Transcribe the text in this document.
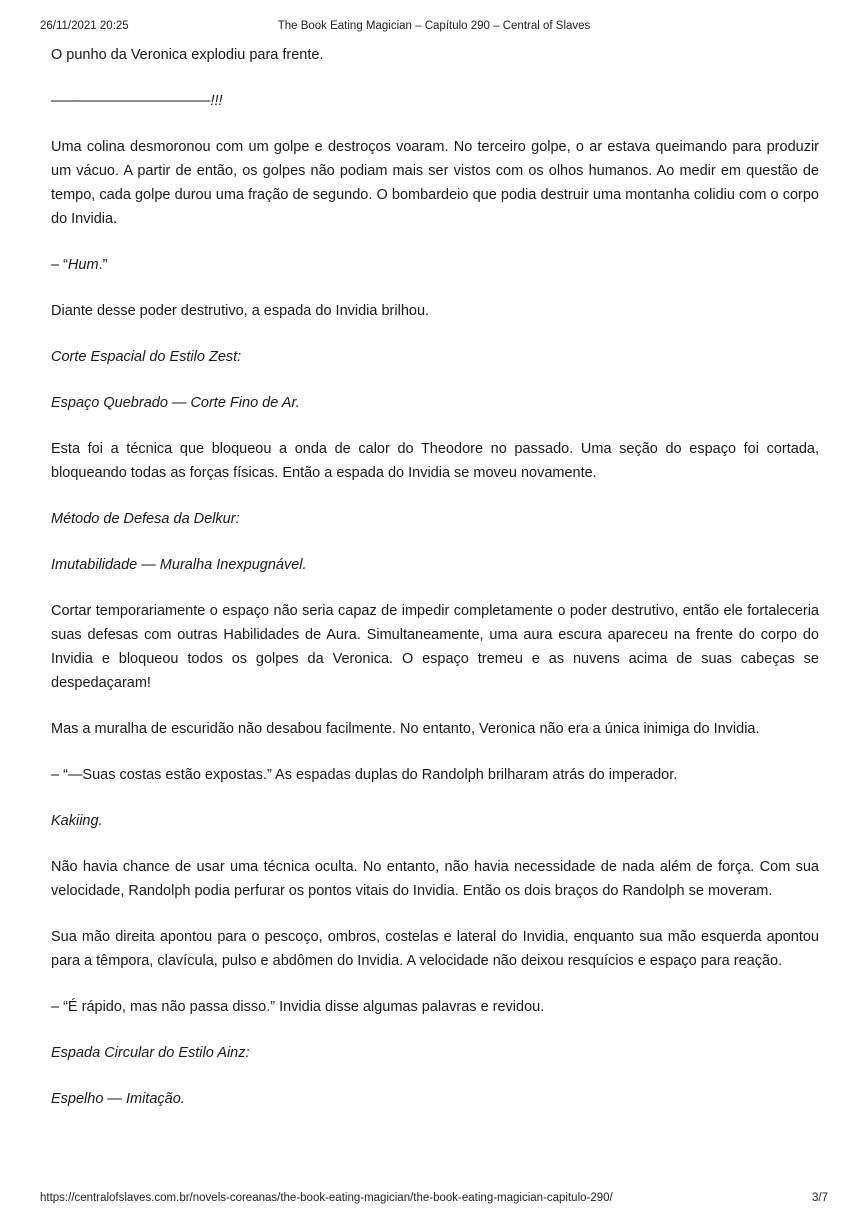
26/11/2021 20:25	The Book Eating Magician – Capítulo 290 – Central of Slaves

O punho da Veronica explodiu para frente.

———————————!!!

Uma colina desmoronou com um golpe e destroços voaram. No terceiro golpe, o ar estava queimando para produzir um vácuo. A partir de então, os golpes não podiam mais ser vistos com os olhos humanos. Ao medir em questão de tempo, cada golpe durou uma fração de segundo. O bombardeio que podia destruir uma montanha colidiu com o corpo do Invidia.

– “Hum.”

Diante desse poder destrutivo, a espada do Invidia brilhou.

Corte Espacial do Estilo Zest:

Espaço Quebrado — Corte Fino de Ar.

Esta foi a técnica que bloqueou a onda de calor do Theodore no passado. Uma seção do espaço foi cortada, bloqueando todas as forças físicas. Então a espada do Invidia se moveu novamente.

Método de Defesa da Delkur:

Imutabilidade — Muralha Inexpugnável.

Cortar temporariamente o espaço não seria capaz de impedir completamente o poder destrutivo, então ele fortaleceria suas defesas com outras Habilidades de Aura. Simultaneamente, uma aura escura apareceu na frente do corpo do Invidia e bloqueou todos os golpes da Veronica. O espaço tremeu e as nuvens acima de suas cabeças se despedaçaram!

Mas a muralha de escuridão não desabou facilmente. No entanto, Veronica não era a única inimiga do Invidia.

– “—Suas costas estão expostas.” As espadas duplas do Randolph brilharam atrás do imperador.

Kakiing.

Não havia chance de usar uma técnica oculta. No entanto, não havia necessidade de nada além de força. Com sua velocidade, Randolph podia perfurar os pontos vitais do Invidia. Então os dois braços do Randolph se moveram.

Sua mão direita apontou para o pescoço, ombros, costelas e lateral do Invidia, enquanto sua mão esquerda apontou para a têmpora, clavícula, pulso e abdômen do Invidia. A velocidade não deixou resquícios e espaço para reação.

– “É rápido, mas não passa disso.” Invidia disse algumas palavras e revidou.

Espada Circular do Estilo Ainz:

Espelho — Imitação.

https://centralofslaves.com.br/novels-coreanas/the-book-eating-magician/the-book-eating-magician-capitulo-290/	3/7
